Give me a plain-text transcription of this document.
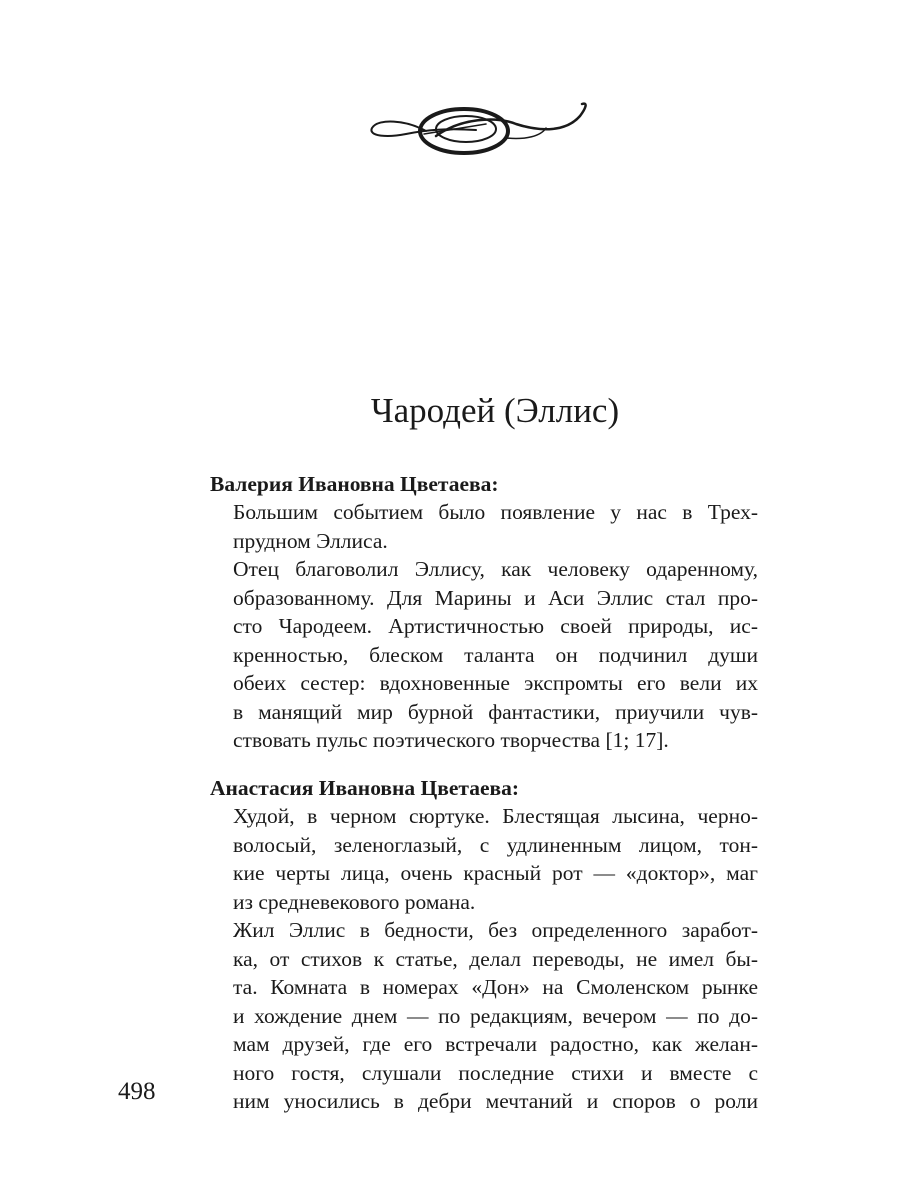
Чародей (Эллис)

Валерия Ивановна Цветаева:

Большим событием было появление у нас в Трех-
прудном Эллиса.

Отец благоволил Эллису, как человеку одаренному,
образованному. Для Марины и Аси Эллис стал про-
сто Чародеем. Артистичностью своей природы, ис-
кренностью, блеском таланта он подчинил души
обеих сестер: вдохновенные экспромты его вели их
в манящий мир бурной фантастики, приучили чув-
ствовать пульс поэтического творчества [1; 17].

Анастасия Ивановна Цветаева:

Худой, в черном сюртуке. Блестящая лысина, черно-
волосый, зеленоглазый, с удлиненным лицом, тон-
кие черты лица, очень красный рот — «доктор», маг
из средневекового романа.

Жил Эллис в бедности, без определенного заработ-
ка, от стихов к статье, делал переводы, не имел бы-
та. Комната в номерах «Дон» на Смоленском рынке
и хождение днем — по редакциям, вечером — по до-
мам друзей, где его встречали радостно, как желан-
ного гостя, слушали последние стихи и вместе с
ним уносились в дебри мечтаний и споров о роли

498
